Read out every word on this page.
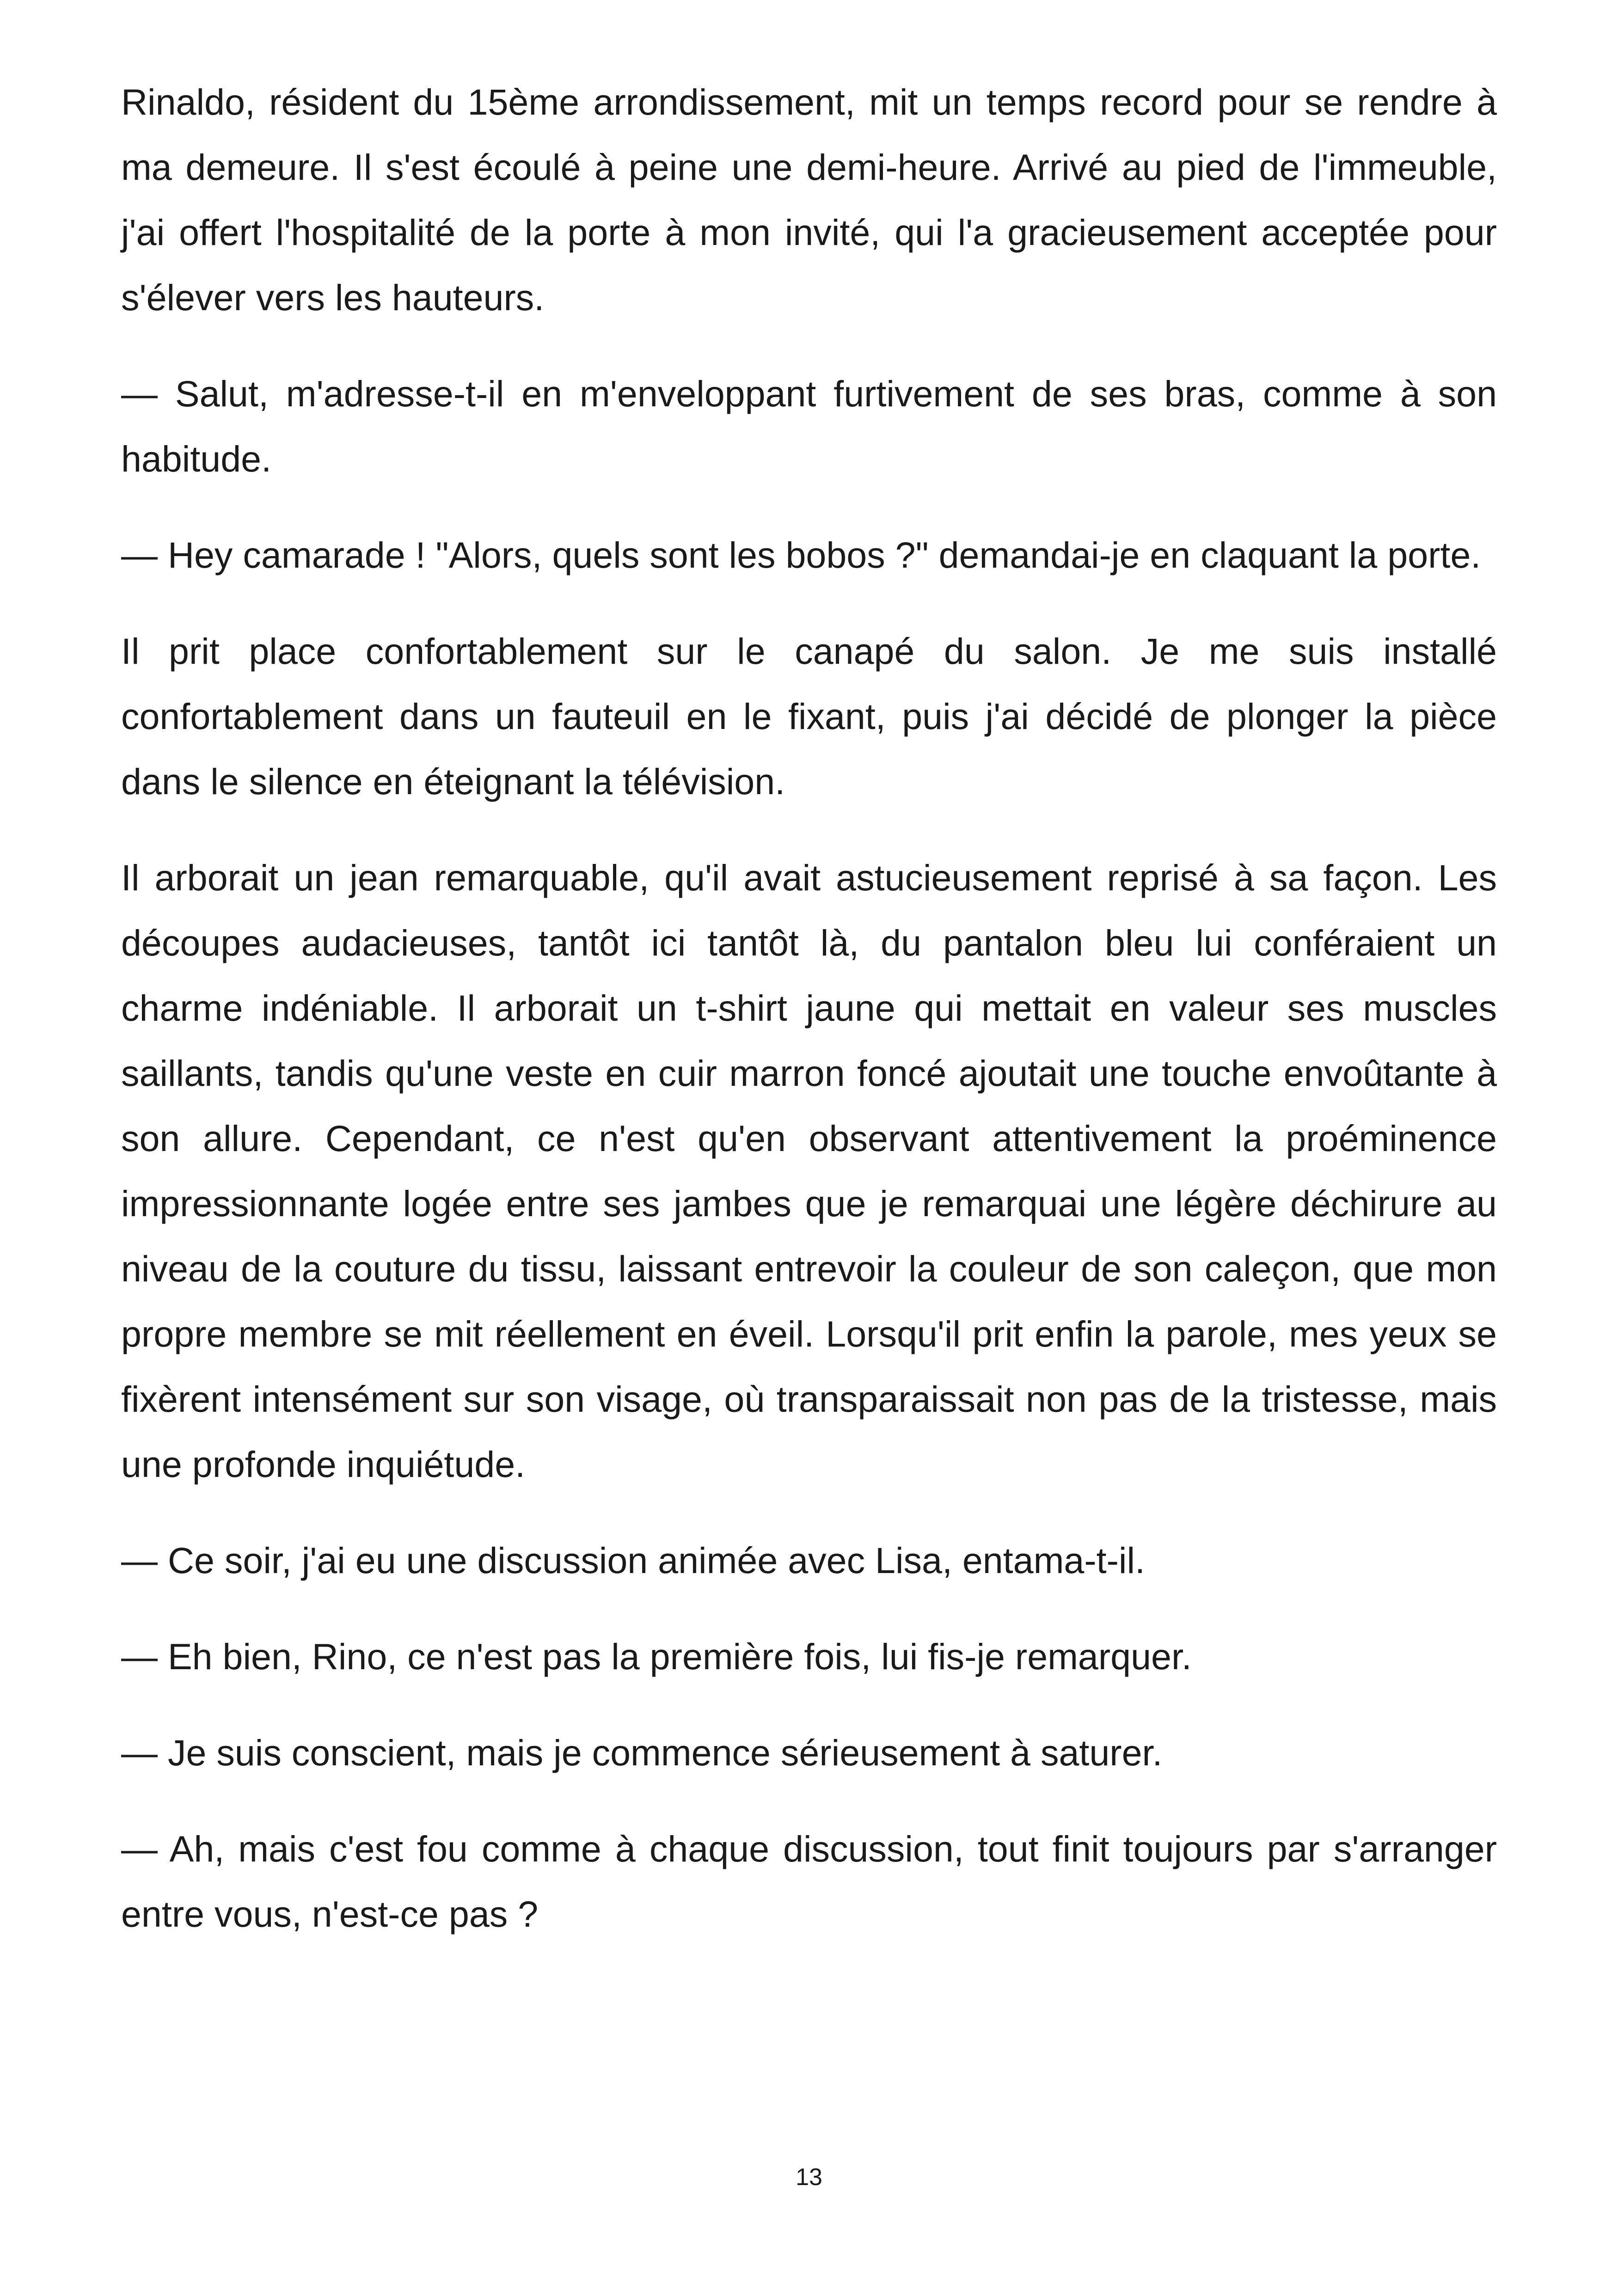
Rinaldo, résident du 15ème arrondissement, mit un temps record pour se rendre à ma demeure. Il s'est écoulé à peine une demi-heure. Arrivé au pied de l'immeuble, j'ai offert l'hospitalité de la porte à mon invité, qui l'a gracieusement acceptée pour s'élever vers les hauteurs.

— Salut, m'adresse-t-il en m'enveloppant furtivement de ses bras, comme à son habitude.

— Hey camarade ! "Alors, quels sont les bobos ?" demandai-je en claquant la porte.

Il prit place confortablement sur le canapé du salon. Je me suis installé confortablement dans un fauteuil en le fixant, puis j'ai décidé de plonger la pièce dans le silence en éteignant la télévision.

Il arborait un jean remarquable, qu'il avait astucieusement reprisé à sa façon. Les découpes audacieuses, tantôt ici tantôt là, du pantalon bleu lui conféraient un charme indéniable. Il arborait un t-shirt jaune qui mettait en valeur ses muscles saillants, tandis qu'une veste en cuir marron foncé ajoutait une touche envoûtante à son allure. Cependant, ce n'est qu'en observant attentivement la proéminence impressionnante logée entre ses jambes que je remarquai une légère déchirure au niveau de la couture du tissu, laissant entrevoir la couleur de son caleçon, que mon propre membre se mit réellement en éveil. Lorsqu'il prit enfin la parole, mes yeux se fixèrent intensément sur son visage, où transparaissait non pas de la tristesse, mais une profonde inquiétude.

— Ce soir, j'ai eu une discussion animée avec Lisa, entama-t-il.

— Eh bien, Rino, ce n'est pas la première fois, lui fis-je remarquer.

— Je suis conscient, mais je commence sérieusement à saturer.

— Ah, mais c'est fou comme à chaque discussion, tout finit toujours par s'arranger entre vous, n'est-ce pas ?

13
